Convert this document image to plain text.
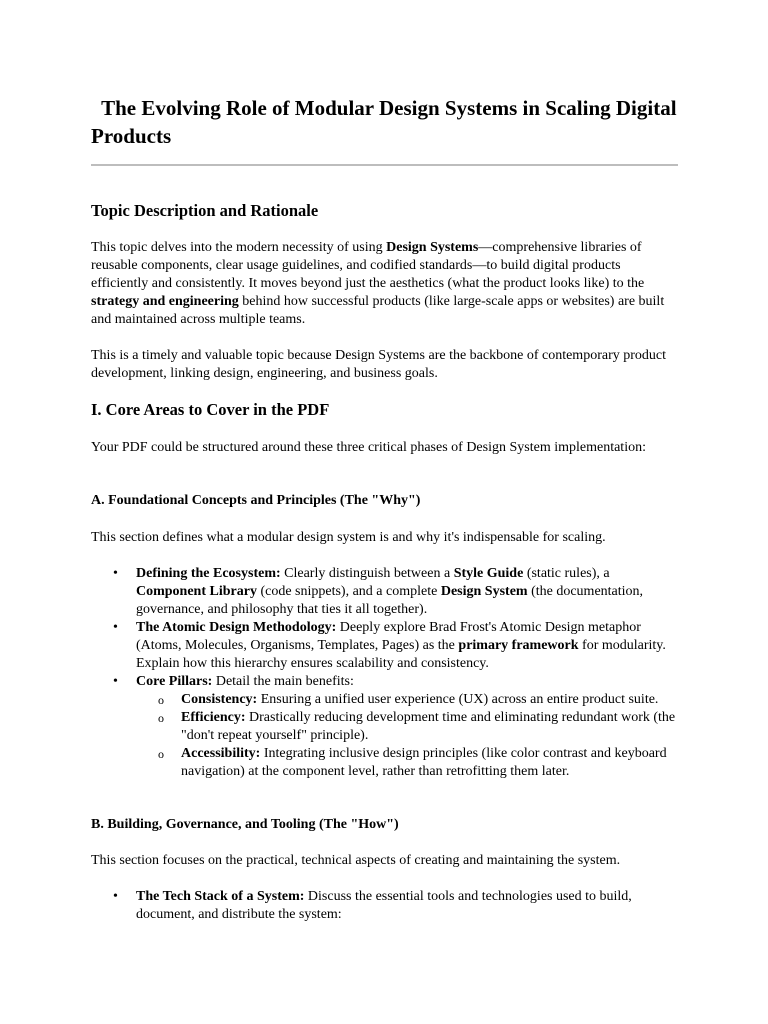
The Evolving Role of Modular Design Systems in Scaling Digital Products
Topic Description and Rationale

This topic delves into the modern necessity of using Design Systems—comprehensive libraries of reusable components, clear usage guidelines, and codified standards—to build digital products efficiently and consistently. It moves beyond just the aesthetics (what the product looks like) to the strategy and engineering behind how successful products (like large-scale apps or websites) are built and maintained across multiple teams.

This is a timely and valuable topic because Design Systems are the backbone of contemporary product development, linking design, engineering, and business goals.

I. Core Areas to Cover in the PDF

Your PDF could be structured around these three critical phases of Design System implementation:

A. Foundational Concepts and Principles (The "Why")

This section defines what a modular design system is and why it's indispensable for scaling.

• Defining the Ecosystem: Clearly distinguish between a Style Guide (static rules), a Component Library (code snippets), and a complete Design System (the documentation, governance, and philosophy that ties it all together).
• The Atomic Design Methodology: Deeply explore Brad Frost's Atomic Design metaphor (Atoms, Molecules, Organisms, Templates, Pages) as the primary framework for modularity. Explain how this hierarchy ensures scalability and consistency.
• Core Pillars: Detail the main benefits:
o Consistency: Ensuring a unified user experience (UX) across an entire product suite.
o Efficiency: Drastically reducing development time and eliminating redundant work (the "don't repeat yourself" principle).
o Accessibility: Integrating inclusive design principles (like color contrast and keyboard navigation) at the component level, rather than retrofitting them later.
B. Building, Governance, and Tooling (The "How")

This section focuses on the practical, technical aspects of creating and maintaining the system.

• The Tech Stack of a System: Discuss the essential tools and technologies used to build, document, and distribute the system:
